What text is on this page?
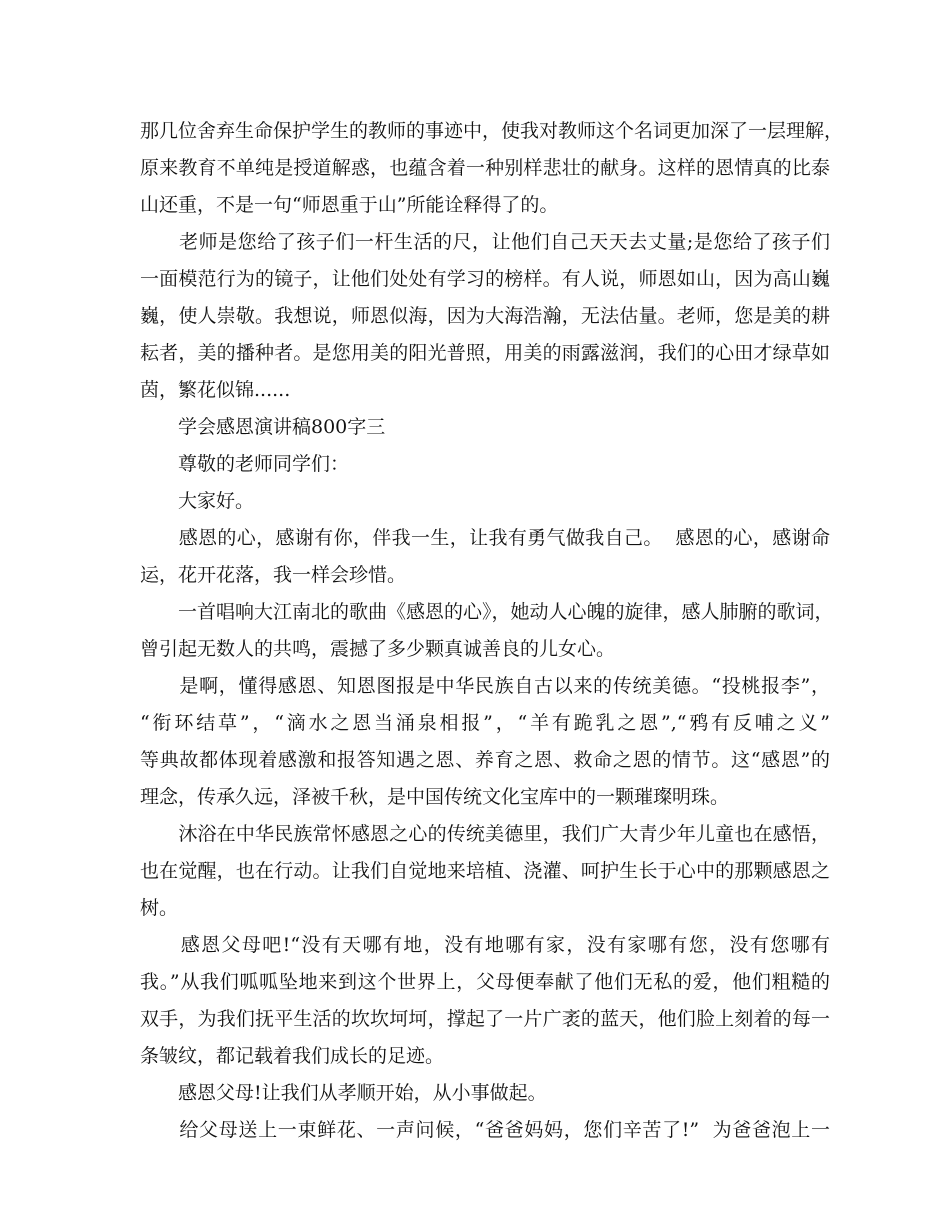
那几位舍弃生命保护学生的教师的事迹中，使我对教师这个名词更加深了一层理解，
原来教育不单纯是授道解惑，也蕴含着一种别样悲壮的献身。这样的恩情真的比泰
山还重，不是一句“师恩重于山”所能诠释得了的。
　　老师是您给了孩子们一杆生活的尺，让他们自己天天去丈量;是您给了孩子们
一面模范行为的镜子，让他们处处有学习的榜样。有人说，师恩如山，因为高山巍
巍，使人崇敬。我想说，师恩似海，因为大海浩瀚，无法估量。老师，您是美的耕
耘者，美的播种者。是您用美的阳光普照，用美的雨露滋润，我们的心田才绿草如
茵，繁花似锦......
　　学会感恩演讲稿800字三
　　尊敬的老师同学们：
　　大家好。
　　感恩的心，感谢有你，伴我一生，让我有勇气做我自己。  感恩的心，感谢命
运，花开花落，我一样会珍惜。
　　一首唱响大江南北的歌曲《感恩的心》，她动人心魄的旋律，感人肺腑的歌词，
曾引起无数人的共鸣，震撼了多少颗真诚善良的儿女心。
　　是啊，懂得感恩、知恩图报是中华民族自古以来的传统美德。“投桃报李”，
“衔环结草”，“滴水之恩当涌泉相报”，“羊有跪乳之恩”,“鸦有反哺之义”
等典故都体现着感激和报答知遇之恩、养育之恩、救命之恩的情节。这“感恩”的
理念，传承久远，泽被千秋，是中国传统文化宝库中的一颗璀璨明珠。
　　沐浴在中华民族常怀感恩之心的传统美德里，我们广大青少年儿童也在感悟，
也在觉醒，也在行动。让我们自觉地来培植、浇灌、呵护生长于心中的那颗感恩之
树。
　　感恩父母吧!“没有天哪有地，没有地哪有家，没有家哪有您，没有您哪有
我。”从我们呱呱坠地来到这个世界上，父母便奉献了他们无私的爱，他们粗糙的
双手，为我们抚平生活的坎坎坷坷，撑起了一片广袤的蓝天，他们脸上刻着的每一
条皱纹，都记载着我们成长的足迹。
　　感恩父母!让我们从孝顺开始，从小事做起。
　　给父母送上一束鲜花、一声问候，“爸爸妈妈，您们辛苦了!”  为爸爸泡上一
